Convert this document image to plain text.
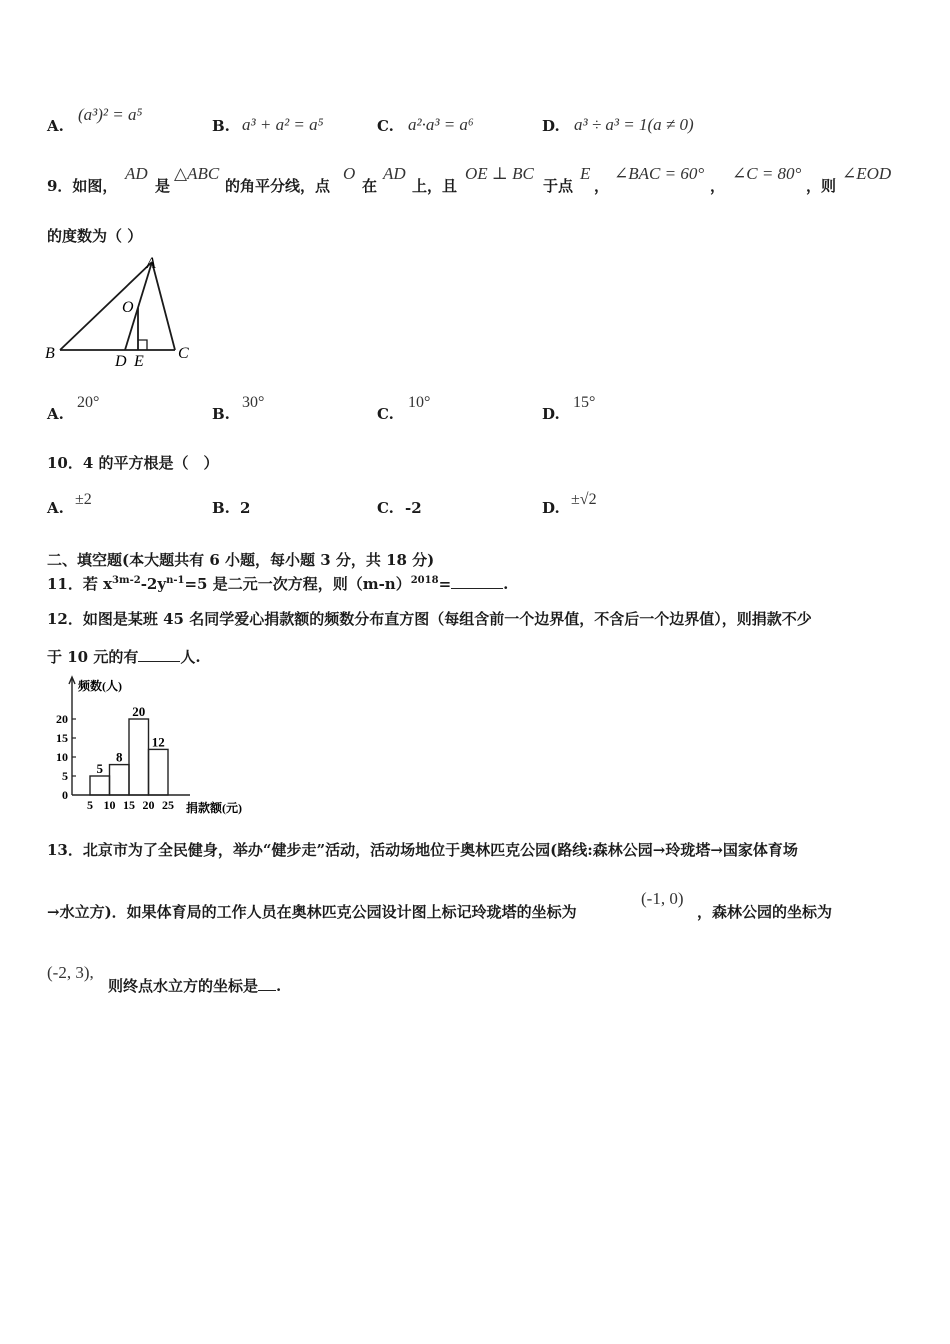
A.
(a³)² = a⁵
B. a³ + a² = a⁵	C. a²·a³ = a⁶	D. a³ ÷ a³ = 1(a ≠ 0)
9．如图，
AD
是
△ABC
的角平分线，点
O
在
AD
上，且
OE ⊥ BC
于点
E
，
∠BAC = 60°
，
∠C = 80°
，则
∠EOD
的度数为（ ）
A
O
B	D E C
A.
20°
B.
30°
C.
10°
D.
15°
10．4 的平方根是（　）
A. ±2	B. 2	C. -2	D. ±√2
二、填空题(本大题共有 6 小题，每小题 3 分，共 18 分)
11．若 $x^{3m-2}-2y^{n-1}=5$ 是二元一次方程，则$(m-n)^{2018}=$	.
12．如图是某班 45 名同学爱心捐款额的频数分布直方图（每组含前一个边界值，不含后一个边界值），则捐款不少
于 10 元的有	人.
5
8
20
12
5 10 15 20 25
0
5
10
15
20
频数(人)
捐款额(元)
13．北京市为了全民健身，举办“健步走”活动，活动场地位于奥林匹克公园(路线:森林公园→玲珑塔→国家体育场
→水立方)．如果体育局的工作人员在奥林匹克公园设计图上标记玲珑塔的坐标为
(-1, 0)
，森林公园的坐标为
(-2, 3),
则终点水立方的坐标是 .
